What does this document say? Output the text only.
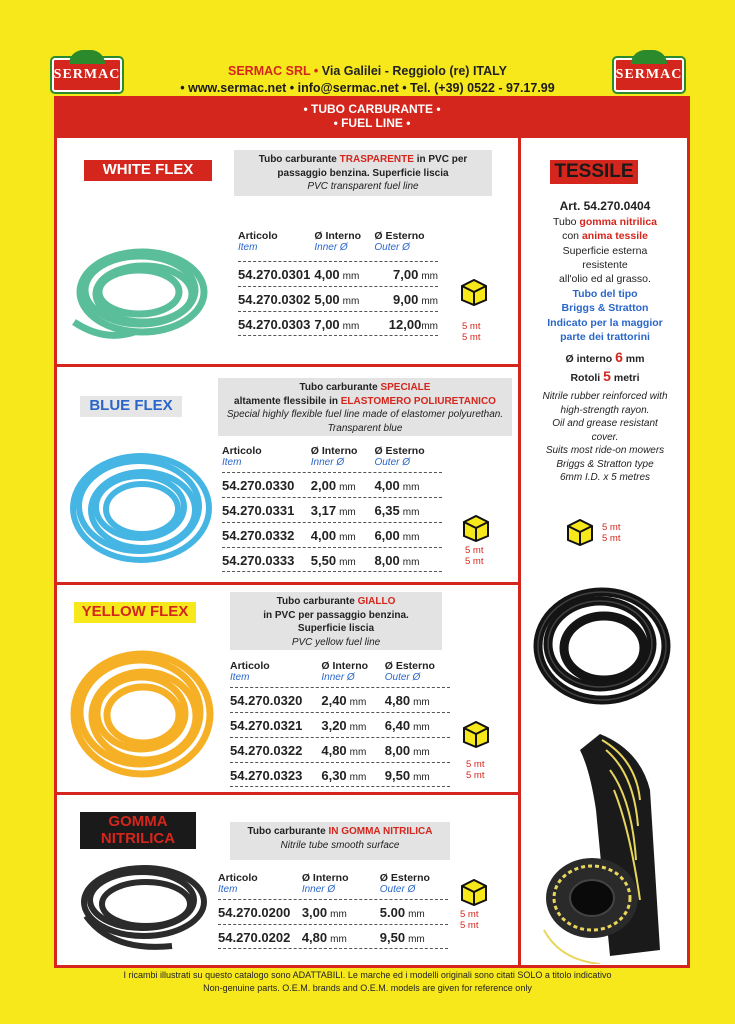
SERMAC	SERMAC
SERMAC SRL • Via Galilei - Reggiolo (re) ITALY
• www.sermac.net • info@sermac.net • Tel. (+39) 0522 - 97.17.99
• TUBO CARBURANTE •
• FUEL LINE •
WHITE FLEX
Tubo carburante TRASPARENTE in PVC per
passaggio benzina. Superficie liscia
PVC transparent fuel line
Articolo	Ø Interno	Ø Esterno
Item	Inner Ø	Outer Ø
54.270.0301 4,00 mm	7,00 mm
54.270.0302 5,00 mm	9,00 mm
54.270.0303 7,00 mm	12,00mm	5 mt
5 mt
BLUE FLEX
Tubo carburante SPECIALE
altamente flessibile in ELASTOMERO POLIURETANICO
Special highly flexible fuel line made of elastomer polyurethan.
Transparent blue
Articolo	Ø Interno	Ø Esterno
Item	Inner Ø	Outer Ø
54.270.0330	2,00 mm	4,00 mm
54.270.0331	3,17 mm	6,35 mm
54.270.0332	4,00 mm	6,00 mm
54.270.0333	5,50 mm	8,00 mm
5 mt
5 mt
YELLOW FLEX
Tubo carburante GIALLO
in PVC per passaggio benzina.
Superficie liscia
PVC yellow fuel line
Articolo	Ø Interno	Ø Esterno
Item	Inner Ø	Outer Ø
54.270.0320	2,40 mm	4,80 mm
54.270.0321	3,20 mm	6,40 mm
54.270.0322	4,80 mm	8,00 mm
54.270.0323	6,30 mm	9,50 mm
5 mt
5 mt
GOMMA
NITRILICA	Tubo carburante IN GOMMA NITRILICA
Nitrile tube smooth surface
Articolo	Ø Interno	Ø Esterno
Item	Inner Ø	Outer Ø
54.270.0200 3,00 mm	5.00 mm
54.270.0202 4,80 mm	9,50 mm
5 mt
5 mt
TESSILE
Art. 54.270.0404
Tubo gomma nitrilica
con anima tessile
Superficie esterna
resistente
all'olio ed al grasso.
Tubo del tipo
Briggs & Stratton
Indicato per la maggior
parte dei trattorini
Ø interno 6 mm
Rotoli 5 metri
Nitrile rubber reinforced with
high-strength rayon.
Oil and grease resistant
cover.
Suits most ride-on mowers
Briggs & Stratton type
6mm I.D. x 5 metres
5 mt
5 mt
I ricambi illustrati su questo catalogo sono ADATTABILI. Le marche ed i modelli originali sono citati SOLO a titolo indicativo
Non-genuine parts. O.E.M. brands and O.E.M. models are given for reference only
